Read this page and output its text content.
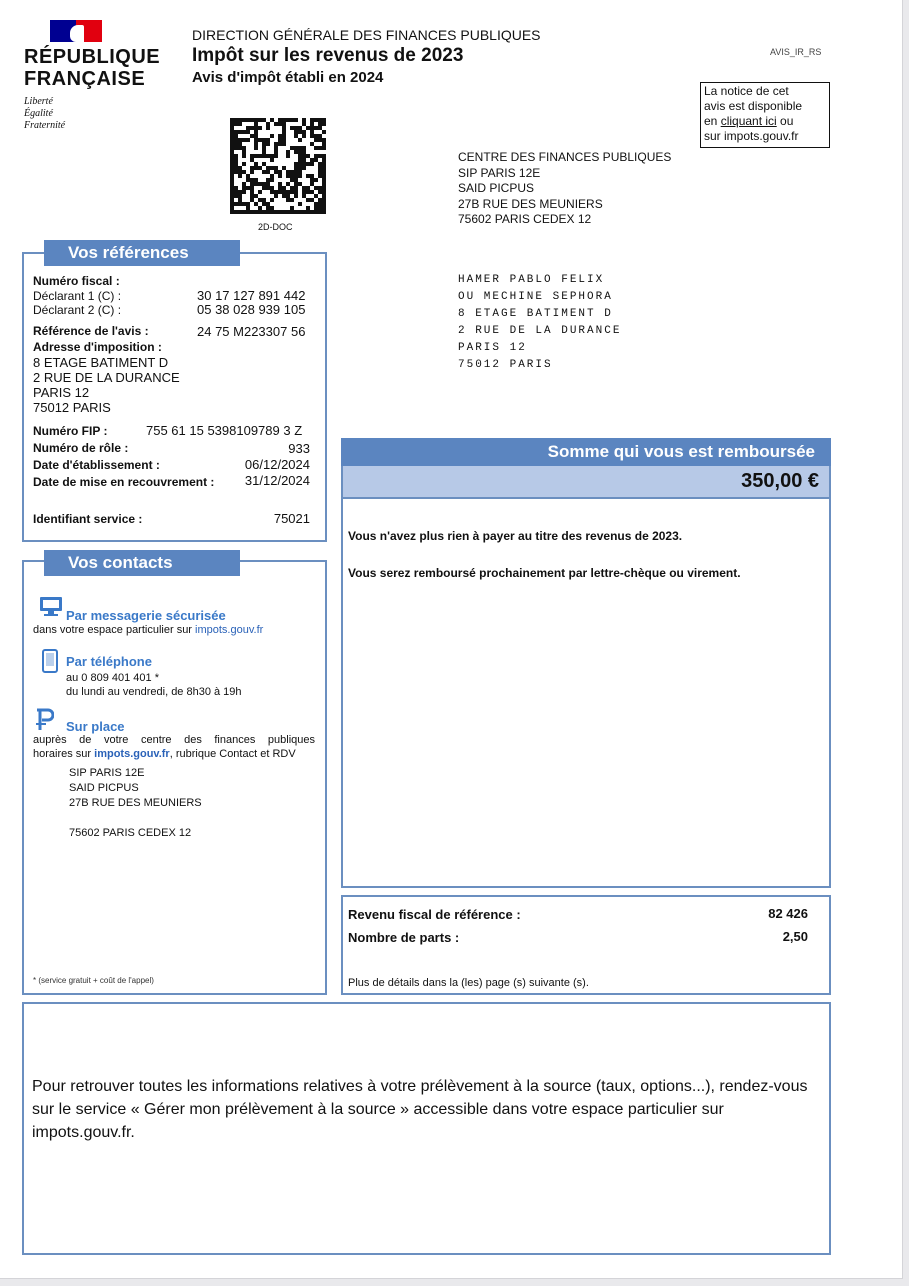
RÉPUBLIQUE
FRANÇAISE
Liberté
Égalité
Fraternité
DIRECTION GÉNÉRALE DES FINANCES PUBLIQUES
Impôt sur les revenus de 2023
Avis d'impôt établi en 2024
AVIS_IR_RS
La notice de cet
avis est disponible
en cliquant ici ou
sur impots.gouv.fr
2D-DOC
CENTRE DES FINANCES PUBLIQUES
SIP PARIS 12E
SAID PICPUS
27B RUE DES MEUNIERS
75602 PARIS CEDEX 12
HAMER PABLO FELIX
OU MECHINE SEPHORA
8 ETAGE BATIMENT D
2 RUE DE LA DURANCE
PARIS 12
75012 PARIS
Vos références
Numéro fiscal :
Déclarant 1 (C) :	30 17 127 891 442
Déclarant 2 (C) :	05 38 028 939 105
Référence de l'avis :	24 75 M223307 56
Adresse d'imposition :
8 ETAGE BATIMENT D
2 RUE DE LA DURANCE
PARIS 12
75012 PARIS
Numéro FIP :	755 61 15 5398109789 3 Z
Numéro de rôle :	933
Date d'établissement :	06/12/2024
Date de mise en recouvrement : 31/12/2024
Identifiant service :	75021
Vos contacts
Par messagerie sécurisée
dans votre espace particulier sur impots.gouv.fr
Par téléphone
au 0 809 401 401 *
du lundi au vendredi, de 8h30 à 19h
Sur place
auprès de votre centre des finances publiques
horaires sur impots.gouv.fr, rubrique Contact et RDV
SIP PARIS 12E
SAID PICPUS
27B RUE DES MEUNIERS
75602 PARIS CEDEX 12
* (service gratuit + coût de l'appel)
Somme qui vous est remboursée
350,00 €
Vous n'avez plus rien à payer au titre des revenus de 2023.
Vous serez remboursé prochainement par lettre-chèque ou virement.
Revenu fiscal de référence :	82 426
Nombre de parts :	2,50
Plus de détails dans la (les) page (s) suivante (s).
Pour retrouver toutes les informations relatives à votre prélèvement à la source (taux, options...), rendez-vous sur le service « Gérer mon prélèvement à la source » accessible dans votre espace particulier sur impots.gouv.fr.
